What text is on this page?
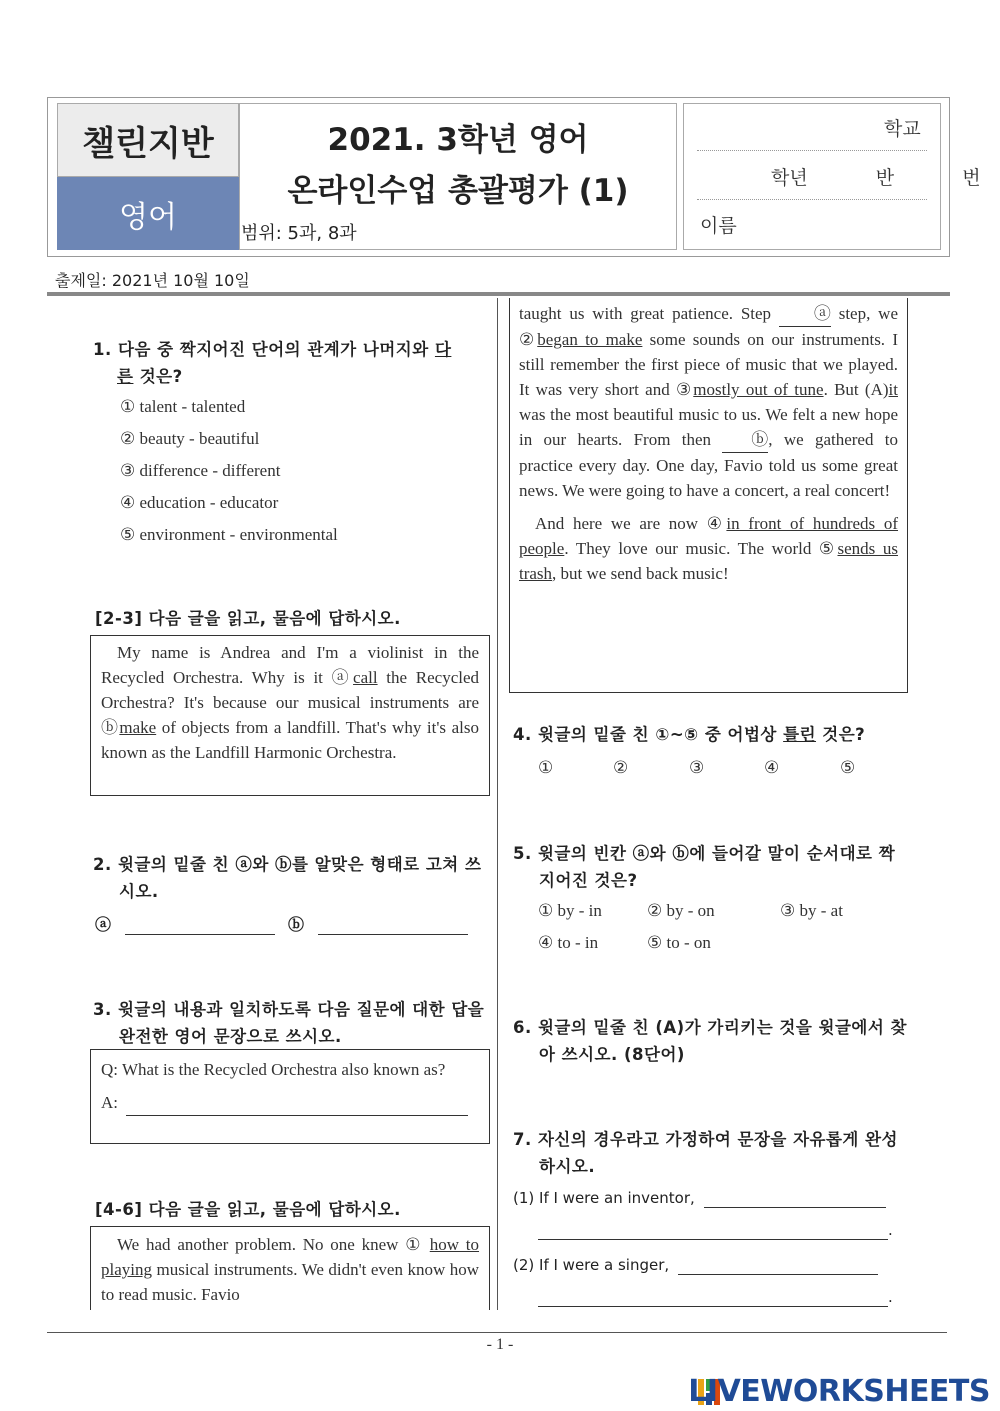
챌린지반
영어
2021. 3학년 영어
온라인수업 총괄평가 (1)
범위: 5과, 8과
학교
학년  반  번
이름
출제일: 2021년 10월 10일
1. 다음 중 짝지어진 단어의 관계가 나머지와 다
른 것은?
① talent - talented
② beauty - beautiful
③ difference - different
④ education - educator
⑤ environment - environmental
[2-3] 다음 글을 읽고, 물음에 답하시오.
My name is Andrea and I'm a violinist in the Recycled Orchestra. Why is it ⓐcall the Recycled Orchestra? It's because our musical instruments are ⓑmake of objects from a landfill. That's why it's also known as the Landfill Harmonic Orchestra.
2. 윗글의 밑줄 친 ⓐ와 ⓑ를 알맞은 형태로 고쳐 쓰시오.
ⓐ	ⓑ
3. 윗글의 내용과 일치하도록 다음 질문에 대한 답을 완전한 영어 문장으로 쓰시오.
Q: What is the Recycled Orchestra also known as?
A:
[4-6] 다음 글을 읽고, 물음에 답하시오.
We had another problem. No one knew ① how to playing musical instruments. We didn't even know how to read music. Favio
taught us with great patience. Step ⓐ step, we ②began to make some sounds on our instruments. I still remember the first piece of music that we played. It was very short and ③mostly out of tune. But (A)it was the most beautiful music to us. We felt a new hope in our hearts. From then ⓑ, we gathered to practice every day. One day, Favio told us some great news. We were going to have a concert, a real concert!
And here we are now ④in front of hundreds of people. They love our music. The world ⑤sends us trash, but we send back music!
4. 윗글의 밑줄 친 ①~⑤ 중 어법상 틀린 것은?
①	②	③	④	⑤
5. 윗글의 빈칸 ⓐ와 ⓑ에 들어갈 말이 순서대로 짝 지어진 것은?
① by - in	② by - on	③ by - at
④ to - in	⑤ to - on
6. 윗글의 밑줄 친 (A)가 가리키는 것을 윗글에서 찾아 쓰시오. (8단어)
7. 자신의 경우라고 가정하여 문장을 자유롭게 완성하시오.
(1) If I were an inventor,
.
(2) If I were a singer,
.
- 1 -
LIVEWORKSHEETS
